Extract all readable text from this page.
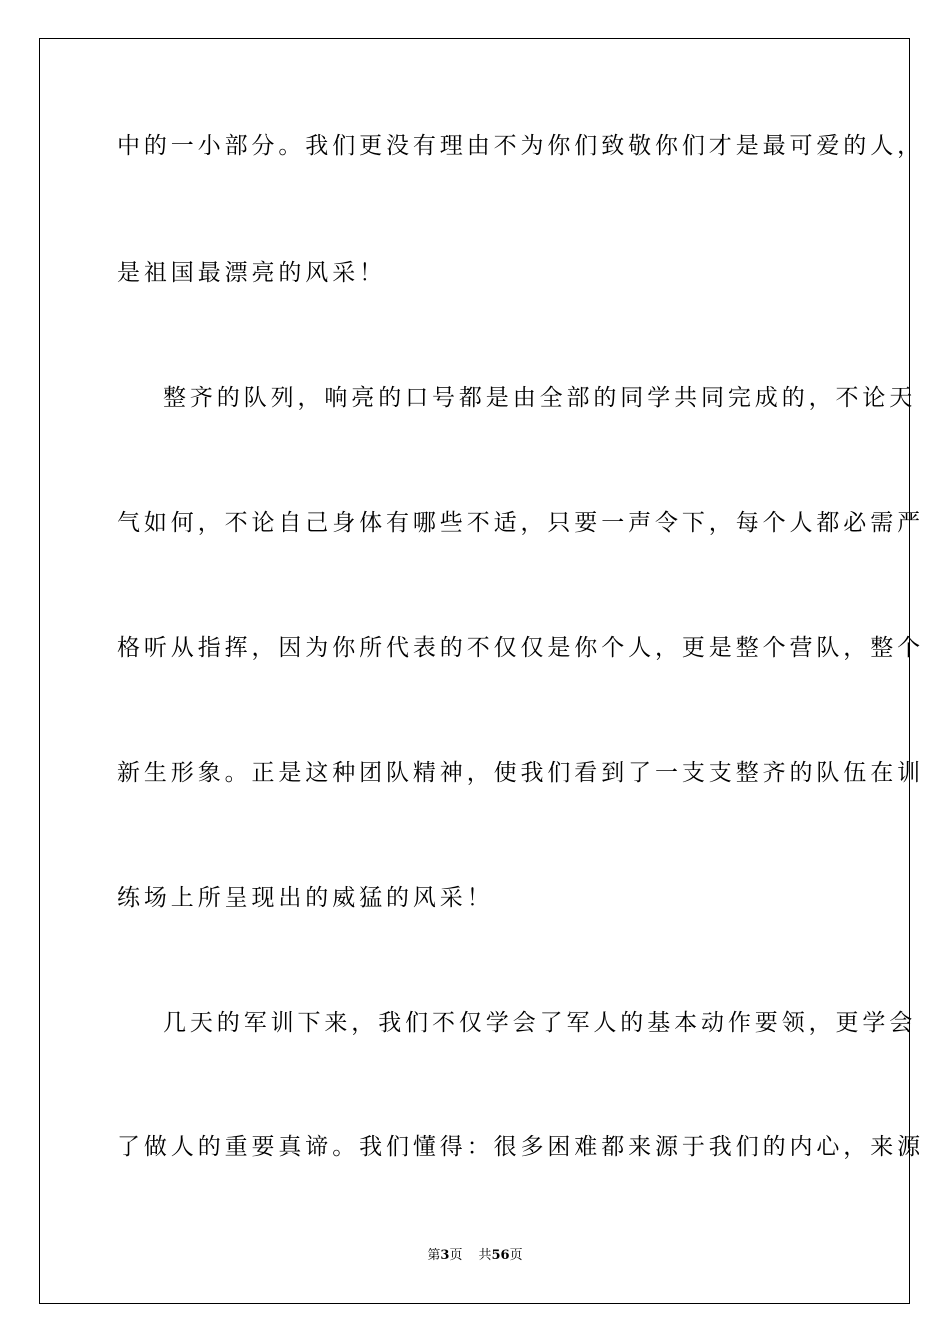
中的一小部分。我们更没有理由不为你们致敬你们才是最可爱的人，
是祖国最漂亮的风采！
整齐的队列，响亮的口号都是由全部的同学共同完成的，不论天
气如何，不论自己身体有哪些不适，只要一声令下，每个人都必需严
格听从指挥，因为你所代表的不仅仅是你个人，更是整个营队，整个
新生形象。正是这种团队精神，使我们看到了一支支整齐的队伍在训
练场上所呈现出的威猛的风采！
几天的军训下来，我们不仅学会了军人的基本动作要领，更学会
了做人的重要真谛。我们懂得：很多困难都来源于我们的内心，来源
第3页 共56页
